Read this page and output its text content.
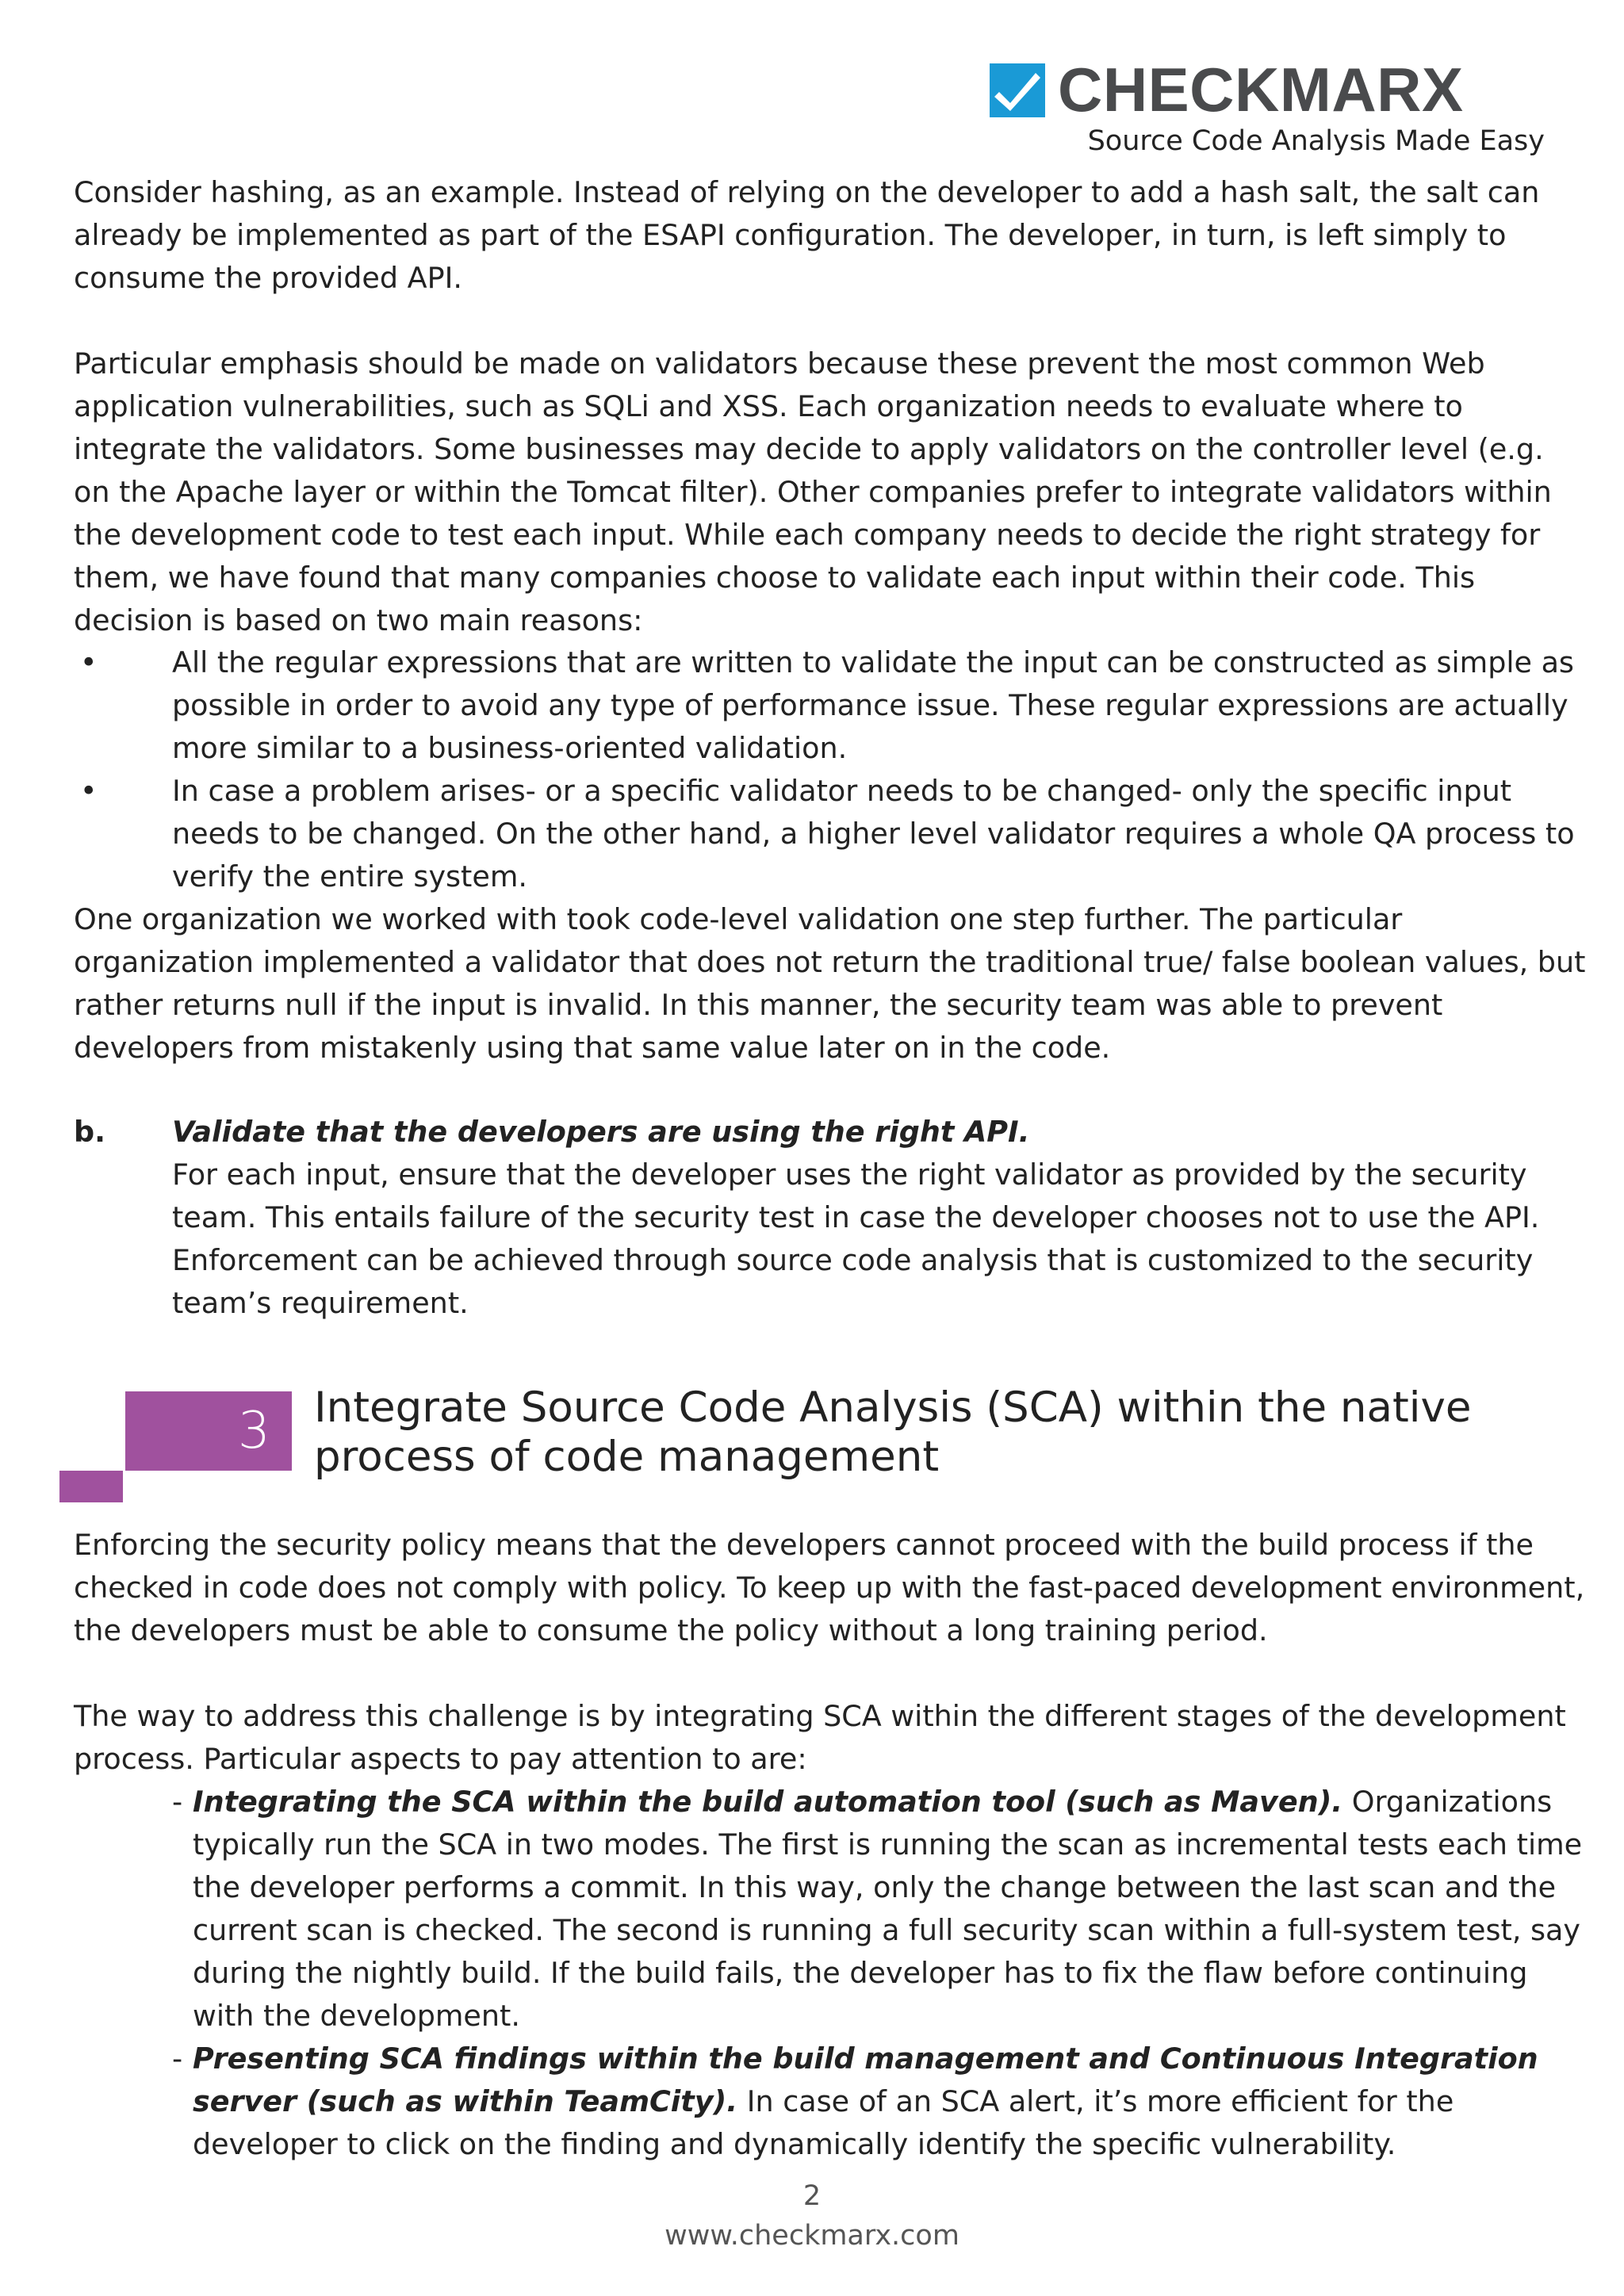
CHECKMARX
Source Code Analysis Made Easy

Consider hashing, as an example. Instead of relying on the developer to add a hash salt, the salt can already be implemented as part of the ESAPI configuration. The developer, in turn, is left simply to consume the provided API.

Particular emphasis should be made on validators because these prevent the most common Web application vulnerabilities, such as SQLi and XSS. Each organization needs to evaluate where to integrate the validators. Some businesses may decide to apply validators on the controller level (e.g. on the Apache layer or within the Tomcat filter). Other companies prefer to integrate validators within the development code to test each input. While each company needs to decide the right strategy for them, we have found that many companies choose to validate each input within their code. This decision is based on two main reasons:

•	All the regular expressions that are written to validate the input can be constructed as simple as possible in order to avoid any type of performance issue. These regular expressions are actually more similar to a business-oriented validation.
•	In case a problem arises- or a specific validator needs to be changed- only the specific input needs to be changed. On the other hand, a higher level validator requires a whole QA process to verify the entire system.

One organization we worked with took code-level validation one step further. The particular organization implemented a validator that does not return the traditional true/ false boolean values, but rather returns null if the input is invalid. In this manner, the security team was able to prevent developers from mistakenly using that same value later on in the code.

b. Validate that the developers are using the right API.

For each input, ensure that the developer uses the right validator as provided by the security team. This entails failure of the security test in case the developer chooses not to use the API. Enforcement can be achieved through source code analysis that is customized to the security team’s requirement.

3 Integrate Source Code Analysis (SCA) within the native process of code management

Enforcing the security policy means that the developers cannot proceed with the build process if the checked in code does not comply with policy. To keep up with the fast-paced development environment, the developers must be able to consume the policy without a long training period.

The way to address this challenge is by integrating SCA within the different stages of the development process. Particular aspects to pay attention to are:

- Integrating the SCA within the build automation tool (such as Maven). Organizations typically run the SCA in two modes. The first is running the scan as incremental tests each time the developer performs a commit. In this way, only the change between the last scan and the current scan is checked. The second is running a full security scan within a full-system test, say during the nightly build. If the build fails, the developer has to fix the flaw before continuing with the development.

- Presenting SCA findings within the build management and Continuous Integration server (such as within TeamCity). In case of an SCA alert, it’s more efficient for the developer to click on the finding and dynamically identify the specific vulnerability.

2
www.checkmarx.com
